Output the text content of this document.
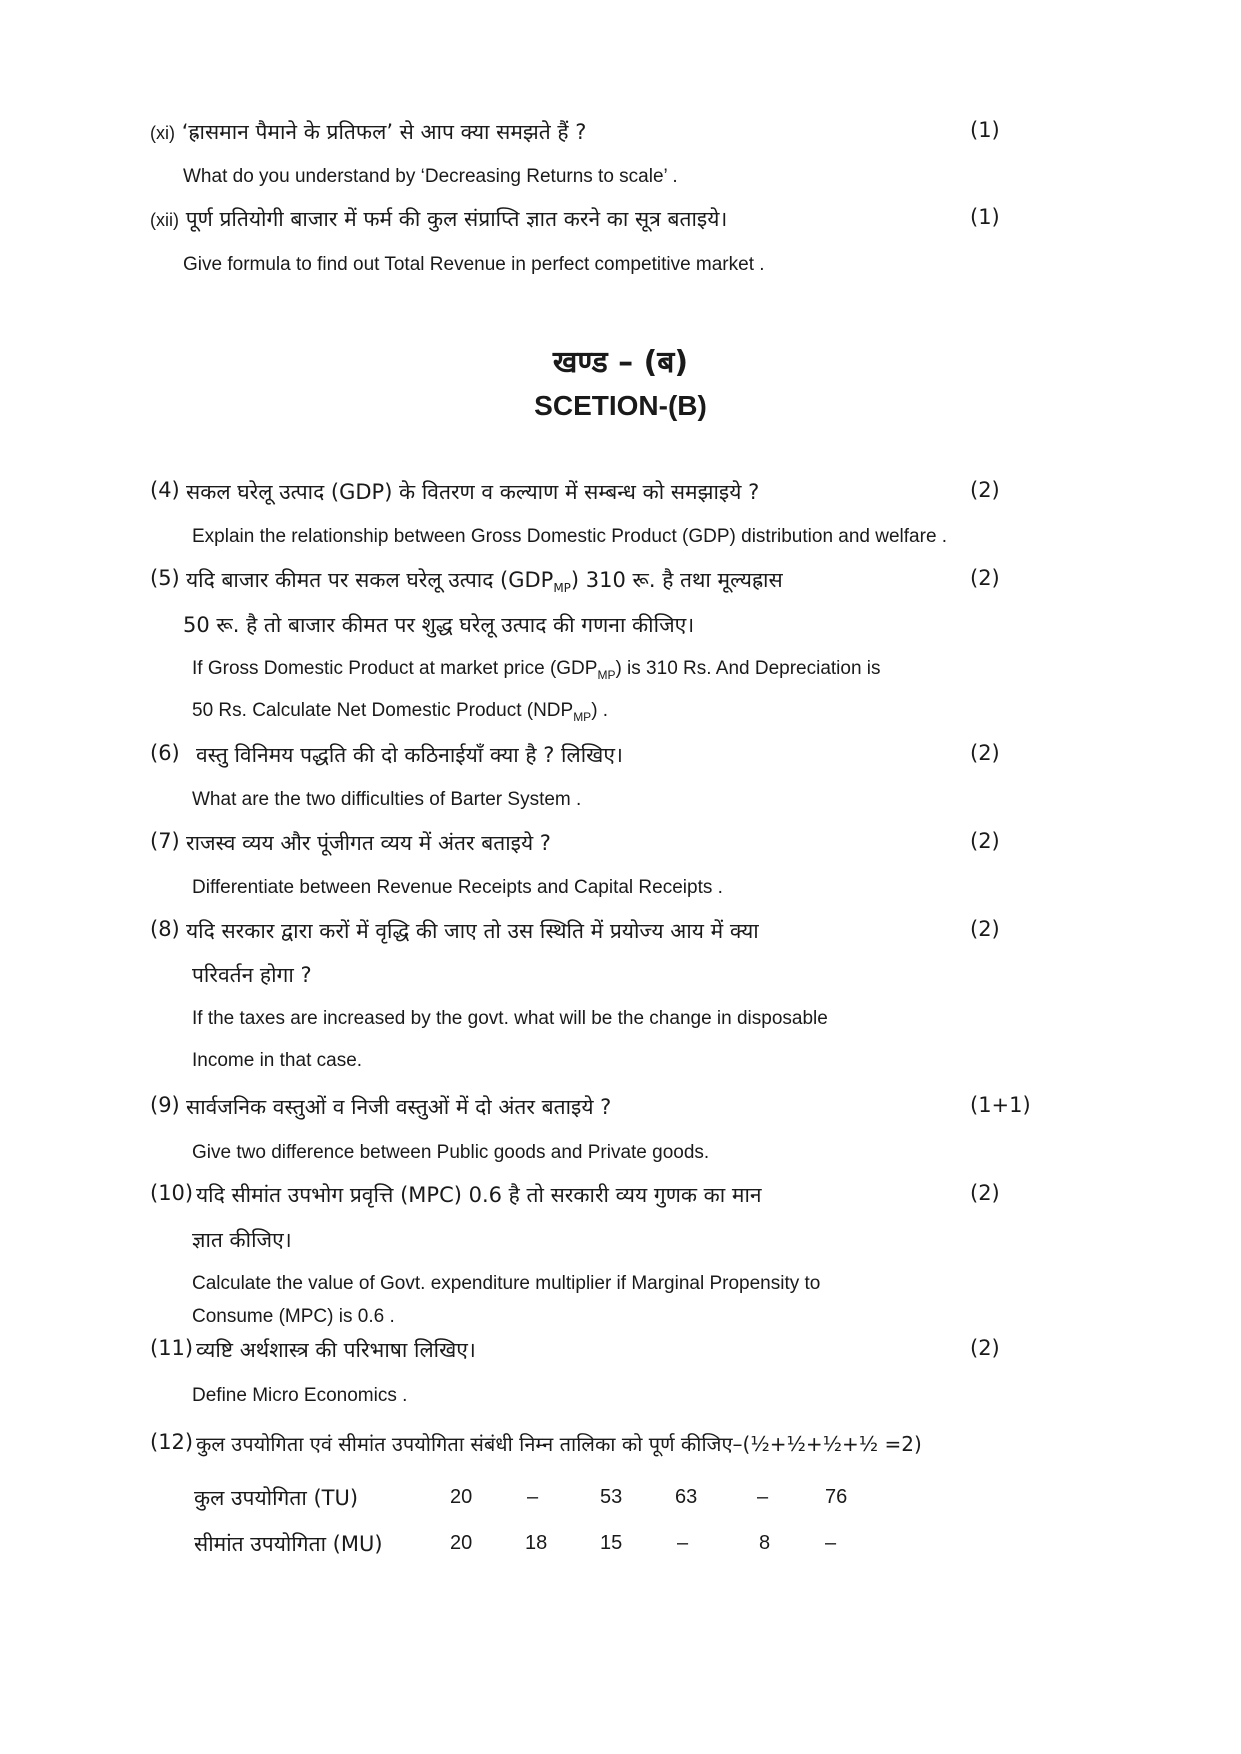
(xi) ‘ह्रासमान पैमाने के प्रतिफल’ से आप क्या समझते हैं ?	(1)
What do you understand by ‘Decreasing Returns to scale’ .
(xii) पूर्ण प्रतियोगी बाजार में फर्म की कुल संप्राप्ति ज्ञात करने का सूत्र बताइये।	(1)
Give formula to find out Total Revenue in perfect competitive market .
खण्ड – (ब)
SCETION-(B)
(4) सकल घरेलू उत्पाद (GDP) के वितरण व कल्याण में सम्बन्ध को समझाइये ?	(2)
Explain the relationship between Gross Domestic Product (GDP) distribution and welfare .
(5) यदि बाजार कीमत पर सकल घरेलू उत्पाद $(GDP_{MP})$ 310 रू. है तथा मूल्यह्रास	(2)
50 रू. है तो बाजार कीमत पर शुद्ध घरेलू उत्पाद की गणना कीजिए।
If Gross Domestic Product at market price $(GDP_{MP})$ is 310 Rs. And Depreciation is
50 Rs. Calculate Net Domestic Product $(NDP_{MP})$ .
(6) वस्तु विनिमय पद्धति की दो कठिनाईयाँ क्या है ? लिखिए।	(2)
What are the two difficulties of Barter System .
(7) राजस्व व्यय और पूंजीगत व्यय में अंतर बताइये ?	(2)
Differentiate between Revenue Receipts and Capital Receipts .
(8) यदि सरकार द्वारा करों में वृद्धि की जाए तो उस स्थिति में प्रयोज्य आय में क्या	(2)
परिवर्तन होगा ?
If the taxes are increased by the govt. what will be the change in disposable
Income in that case.
(9) सार्वजनिक वस्तुओं व निजी वस्तुओं में दो अंतर बताइये ?	(1+1)
Give two difference between Public goods and Private goods.
(10) यदि सीमांत उपभोग प्रवृत्ति (MPC) 0.6 है तो सरकारी व्यय गुणक का मान	(2)
ज्ञात कीजिए।
Calculate the value of Govt. expenditure multiplier if Marginal Propensity to
Consume (MPC) is 0.6 .
(11) व्यष्टि अर्थशास्त्र की परिभाषा लिखिए।	(2)
Define Micro Economics .
(12) कुल उपयोगिता एवं सीमांत उपयोगिता संबंधी निम्न तालिका को पूर्ण कीजिए–(½+½+½+½ =2)
कुल उपयोगिता (TU)	20	–	53	63	–	76
सीमांत उपयोगिता (MU)	20	18	15	–	8	–
